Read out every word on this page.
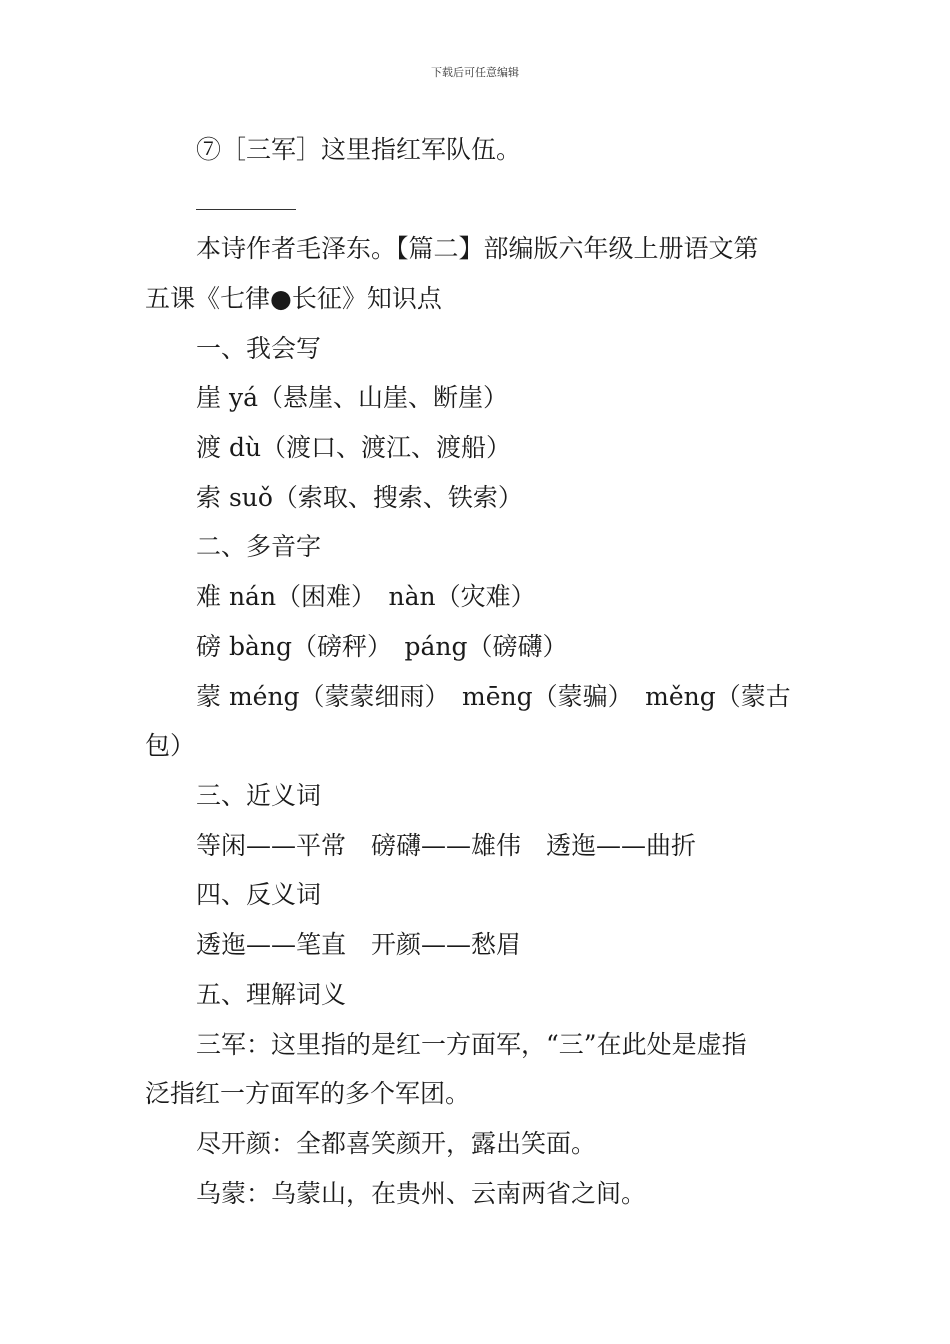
下载后可任意编辑
⑦［三军］这里指红军队伍。
本诗作者毛泽东。【篇二】部编版六年级上册语文第
五课《七律●长征》知识点
一、我会写
崖 yá（悬崖、山崖、断崖）
渡 dù（渡口、渡江、渡船）
索 suǒ（索取、搜索、铁索）
二、多音字
难 nán（困难）　nàn（灾难）
磅 bàng（磅秤）　páng（磅礴）
蒙 méng（蒙蒙细雨）　mēng（蒙骗）　měng（蒙古
包）
三、近义词
等闲——平常　磅礴——雄伟　透迤——曲折
四、反义词
透迤——笔直　开颜——愁眉
五、理解词义
三军：这里指的是红一方面军，“三”在此处是虚指
泛指红一方面军的多个军团。
尽开颜：全都喜笑颜开，露出笑面。
乌蒙：乌蒙山，在贵州、云南两省之间。
